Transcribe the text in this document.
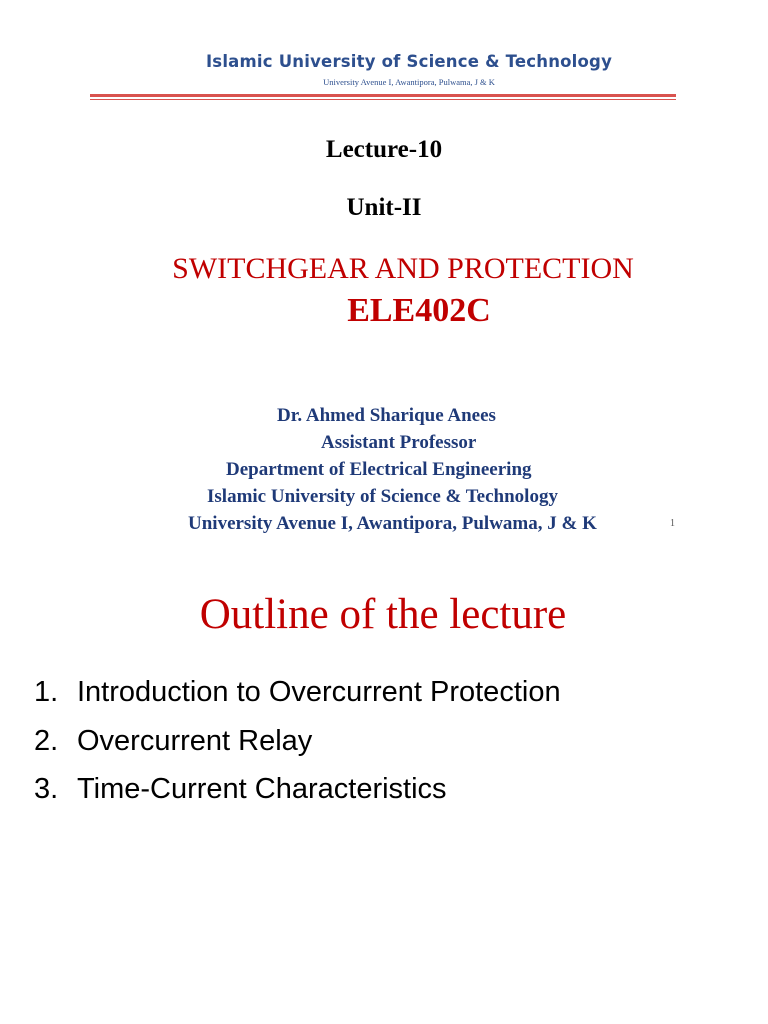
Islamic University of Science & Technology
University Avenue I, Awantipora, Pulwama, J & K
Lecture-10
Unit-II
SWITCHGEAR AND PROTECTION
ELE402C
Dr. Ahmed Sharique Anees
Assistant Professor
Department of Electrical Engineering
Islamic University of Science & Technology
University Avenue I, Awantipora, Pulwama, J & K	1
Outline of the lecture
1. Introduction to Overcurrent Protection
2. Overcurrent Relay
3. Time-Current Characteristics
